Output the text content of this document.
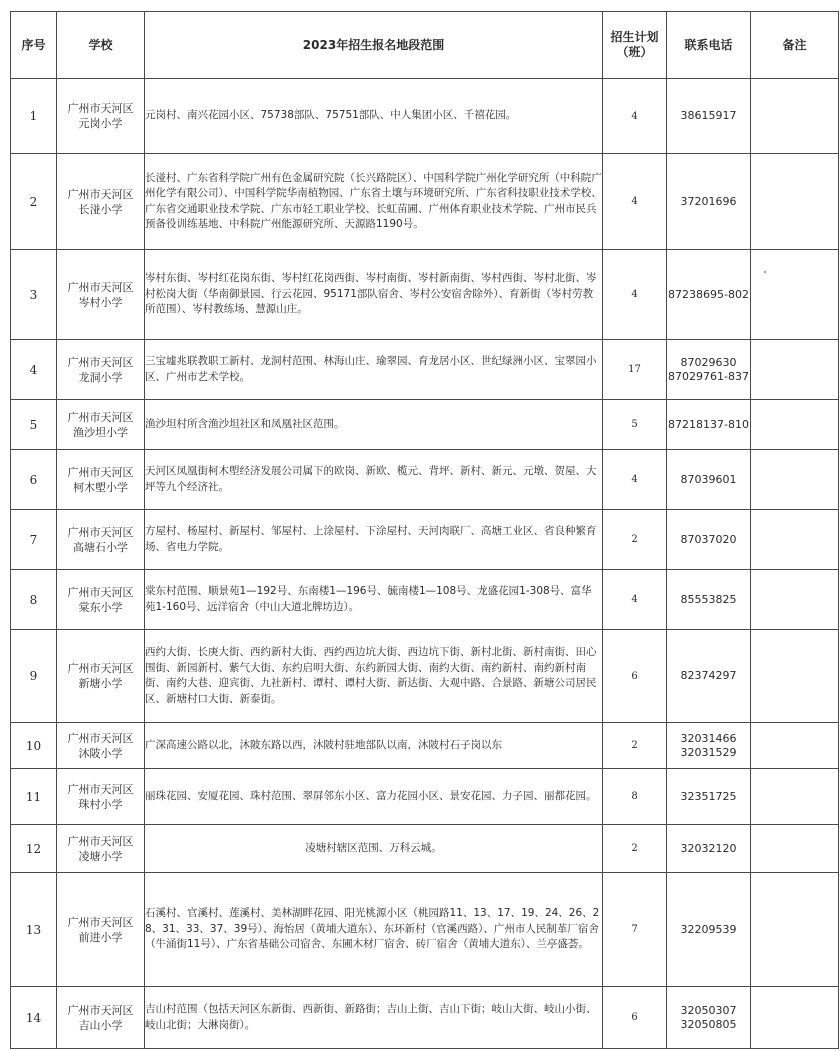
序号	学校	2023年招生报名地段范围	招生计划
（班）	联系电话	备注
1	广州市天河区
元岗小学	元岗村、南兴花园小区、75738部队、75751部队、中人集团小区、千禧花园。	4	38615917	

2	广州市天河区
长湴小学	长湴村、广东省科学院广州有色金属研究院（长兴路院区）、中国科学院广州化学研究所（中科院广州化学有限公司）、中国科学院华南植物园、广东省土壤与环境研究所、广东省科技职业技术学校、广东省交通职业技术学院、广东市轻工职业学校、长虹苗圃、广州体育职业技术学院、广州市民兵预备役训练基地、中科院广州能源研究所、天源路1190号。	4	37201696	

3	广州市天河区
岑村小学	岑村东街、岑村红花岗东街、岑村红花岗西街、岑村南街、岑村新南街、岑村西街、岑村北街、岑村松岗大街（华南御景园、行云花园、95171部队宿舍、岑村公安宿舍除外）、育新街（岑村劳教所范围）、岑村教练场、慧源山庄。	4	87238695-802	

4	广州市天河区
龙洞小学	三宝墟兆联教职工新村、龙洞村范围、林海山庄、瑜翠园、育龙居小区、世纪绿洲小区、宝翠园小区、广州市艺术学校。	17	87029630
87029761-837	

5	广州市天河区
渔沙坦小学	渔沙坦村所含渔沙坦社区和凤凰社区范围。	5	87218137-810	

6	广州市天河区
柯木塱小学	天河区凤凰街柯木塱经济发展公司属下的欧岗、新欧、榄元、背坪、新村、新元、元墩、贺屋、大坪等九个经济社。	4	87039601	

7	广州市天河区
高塘石小学	方屋村、杨屋村、新屋村、邹屋村、上涂屋村、下涂屋村、天河肉联厂、高塘工业区、省良种繁育场、省电力学院。	2	87037020	

8	广州市天河区
棠东小学	棠东村范围、顺景苑1—192号、东南楼1—196号、毓南楼1—108号、龙盛花园1-308号、富华苑1-160号、远洋宿舍（中山大道北牌坊边）。	4	85553825	

9	广州市天河区
新塘小学	西约大街、长庚大街、西约新村大街、西约西边坑大街、西边坑下街、新村北街、新村南街、田心围街、新园新村、紫气大街、东约启明大街、东约新园大街、南约大街、南约新村、南约新村南街、南约大巷、迎宾街、九社新村、谭村、谭村大街、新达街、大观中路、合景路、新塘公司居民区、新塘村口大街、新泰街。	6	82374297	

10	广州市天河区
沐陂小学	广深高速公路以北，沐陂东路以西，沐陂村驻地部队以南，沐陂村石子岗以东	2	32031466
32031529	

11	广州市天河区
珠村小学	丽珠花园、安厦花园、珠村范围、翠屏邻东小区、富力花园小区、景安花园、力子园、丽都花园。	8	32351725	

12	广州市天河区
凌塘小学	凌塘村辖区范围、万科云城。	2	32032120	

13	广州市天河区
前进小学	石溪村、官溪村、莲溪村、美林湖畔花园、阳光桃源小区（桃园路11、13、17、19、24、26、28、31、33、37、39号）、海怡居（黄埔大道东）、东环新村（官溪西路）、广州市人民制革厂宿舍（牛涌街11号）、广东省基础公司宿舍、东圃木材厂宿舍、砖厂宿舍（黄埔大道东）、兰亭盛荟。	7	32209539	

14	广州市天河区
吉山小学	吉山村范围（包括天河区东新街、西新街、新路街；吉山上街、吉山下街；岐山大街、岐山小街、岐山北街；大淋岗街）。	6	32050307
32050805	
